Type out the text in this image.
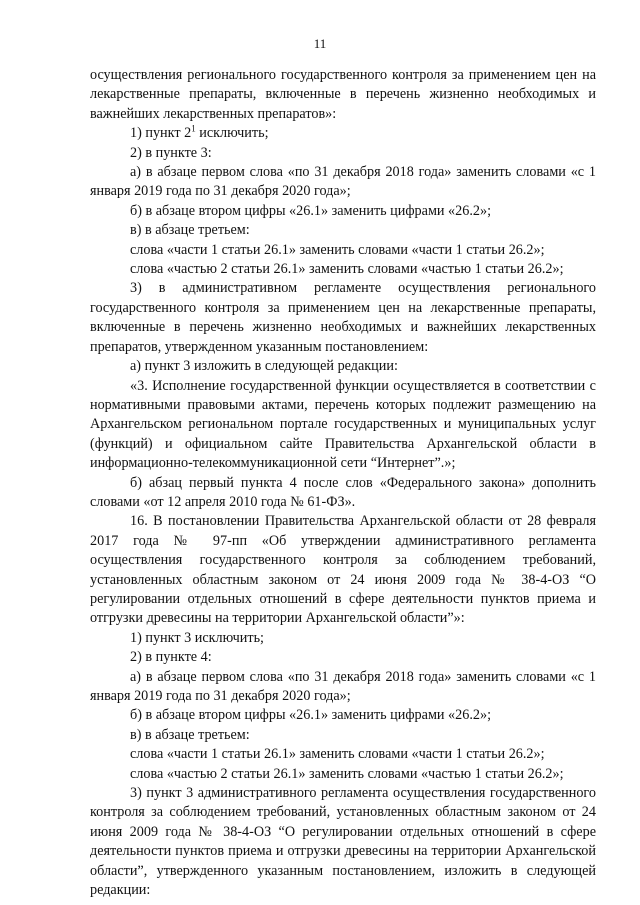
11

осуществления регионального государственного контроля за применением цен на лекарственные препараты, включенные в перечень жизненно необходимых и важнейших лекарственных препаратов»:

1) пункт $2^1$ исключить;

2) в пункте 3:

а) в абзаце первом слова «по 31 декабря 2018 года» заменить словами «с 1 января 2019 года по 31 декабря 2020 года»;

б) в абзаце втором цифры «26.1» заменить цифрами «26.2»;

в) в абзаце третьем:

слова «части 1 статьи 26.1» заменить словами «части 1 статьи 26.2»;

слова «частью 2 статьи 26.1» заменить словами «частью 1 статьи 26.2»;

3) в административном регламенте осуществления регионального государственного контроля за применением цен на лекарственные препараты, включенные в перечень жизненно необходимых и важнейших лекарственных препаратов, утвержденном указанным постановлением:

а) пункт 3 изложить в следующей редакции:

«3. Исполнение государственной функции осуществляется в соответствии с нормативными правовыми актами, перечень которых подлежит размещению на Архангельском региональном портале государственных и муниципальных услуг (функций) и официальном сайте Правительства Архангельской области в информационно-телекоммуникационной сети “Интернет”.»;

б) абзац первый пункта 4 после слов «Федерального закона» дополнить словами «от 12 апреля 2010 года № 61-ФЗ».

16. В постановлении Правительства Архангельской области от 28 февраля 2017 года № 97-пп «Об утверждении административного регламента осуществления государственного контроля за соблюдением требований, установленных областным законом от 24 июня 2009 года № 38-4-ОЗ “О регулировании отдельных отношений в сфере деятельности пунктов приема и отгрузки древесины на территории Архангельской области”»:

1) пункт 3 исключить;

2) в пункте 4:

а) в абзаце первом слова «по 31 декабря 2018 года» заменить словами «с 1 января 2019 года по 31 декабря 2020 года»;

б) в абзаце втором цифры «26.1» заменить цифрами «26.2»;

в) в абзаце третьем:

слова «части 1 статьи 26.1» заменить словами «части 1 статьи 26.2»;

слова «частью 2 статьи 26.1» заменить словами «частью 1 статьи 26.2»;

3) пункт 3 административного регламента осуществления государственного контроля за соблюдением требований, установленных областным законом от 24 июня 2009 года № 38-4-ОЗ “О регулировании отдельных отношений в сфере деятельности пунктов приема и отгрузки древесины на территории Архангельской области”, утвержденного указанным постановлением, изложить в следующей редакции:
